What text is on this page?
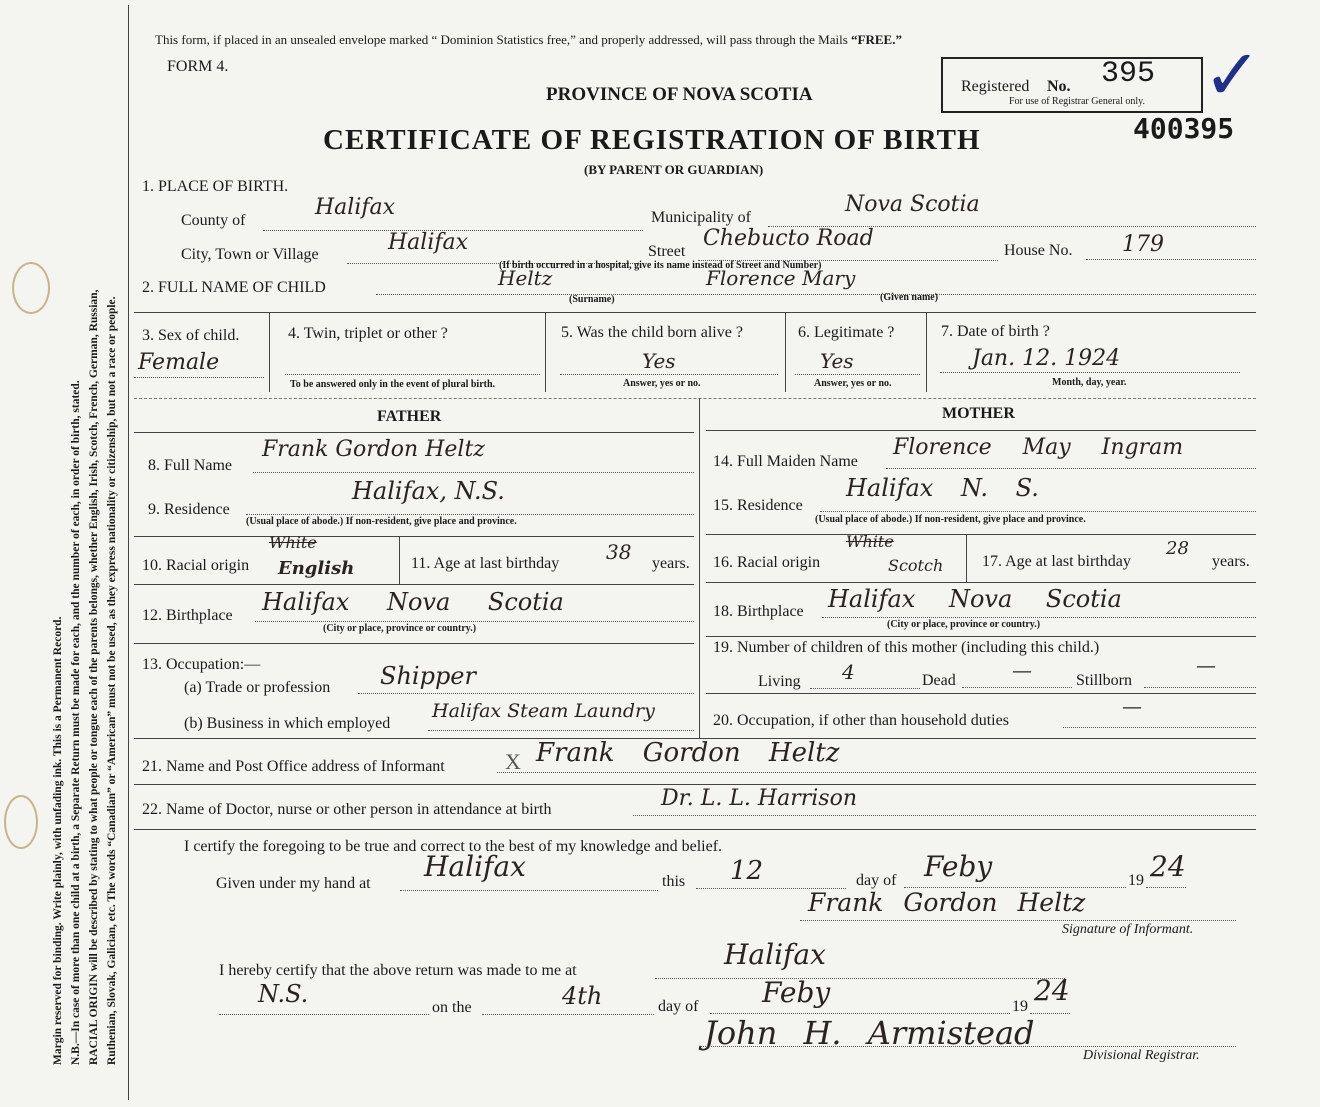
Margin reserved for binding. Write plainly, with unfading ink. This is a Permanent Record. N.B.—In case of more than one child at a birth, a Separate Return must be made for each, and the number of each, in order of birth, stated. RACIAL ORIGIN will be described by stating to what people or tongue each of the parents belongs, whether English, Irish, Scotch, French, German, Russian, Ruthenian, Slovak, Galician, etc. The words “Canadian” or “American” must not be used, as they express nationality or citizenship, but not a race or people.
This form, if placed in an unsealed envelope marked “ Dominion Statistics free,” and properly addressed, will pass through the Mails “FREE.”
FORM 4.
PROVINCE OF NOVA SCOTIA
CERTIFICATE OF REGISTRATION OF BIRTH
(BY PARENT OR GUARDIAN)
Registered No. 395
For use of Registrar General only. ✓
400395
1. PLACE OF BIRTH.
County of
Halifax	Municipality of
Nova Scotia
City, Town or Village	Halifax	Street
Chebucto Road	House No. 179
(If birth occurred in a hospital, give its name instead of Street and Number)
2. FULL NAME OF CHILD	Heltz
(Surname)
Florence Mary
(Given name)
3. Sex of child.
Female
4. Twin, triplet or other ?
To be answered only in the event of plural birth.
5. Was the child born alive ?
Yes
Answer, yes or no.
6. Legitimate ?
Yes
Answer, yes or no.
7. Date of birth ?
Jan. 12. 1924
Month, day, year.
FATHER
8. Full Name
Frank Gordon Heltz
9. Residence
Halifax, N.S.
(Usual place of abode.) If non-resident, give place and province.
10. Racial origin
White
English	11. Age at last birthday 38 years.
12. Birthplace Halifax Nova Scotia
(City or place, province or country.)
13. Occupation:—
(a) Trade or profession Shipper
(b) Business in which employed
Halifax Steam Laundry
MOTHER
14. Full Maiden Name
Florence May Ingram
15. Residence
Halifax N. S.
(Usual place of abode.) If non-resident, give place and province.
16. Racial origin
White
Scotch 17. Age at last birthday
28
years.
18. Birthplace Halifax Nova Scotia
(City or place, province or country.)
19. Number of children of this mother (including this child.)
Living 4	Dead	—	Stillborn
—
20. Occupation, if other than household duties
—
21. Name and Post Office address of Informant	X Frank Gordon Heltz
22. Name of Doctor, nurse or other person in attendance at birth	Dr. L. L. Harrison
I certify the foregoing to be true and correct to the best of my knowledge and belief.
Given under my hand at
Halifax	this 12	day of Feby	19 24
Frank Gordon Heltz
Signature of Informant.
I hereby certify that the above return was made to me at	Halifax
N.S.	on the	4th	day of Feby	19 24
John H. Armistead
Divisional Registrar.
